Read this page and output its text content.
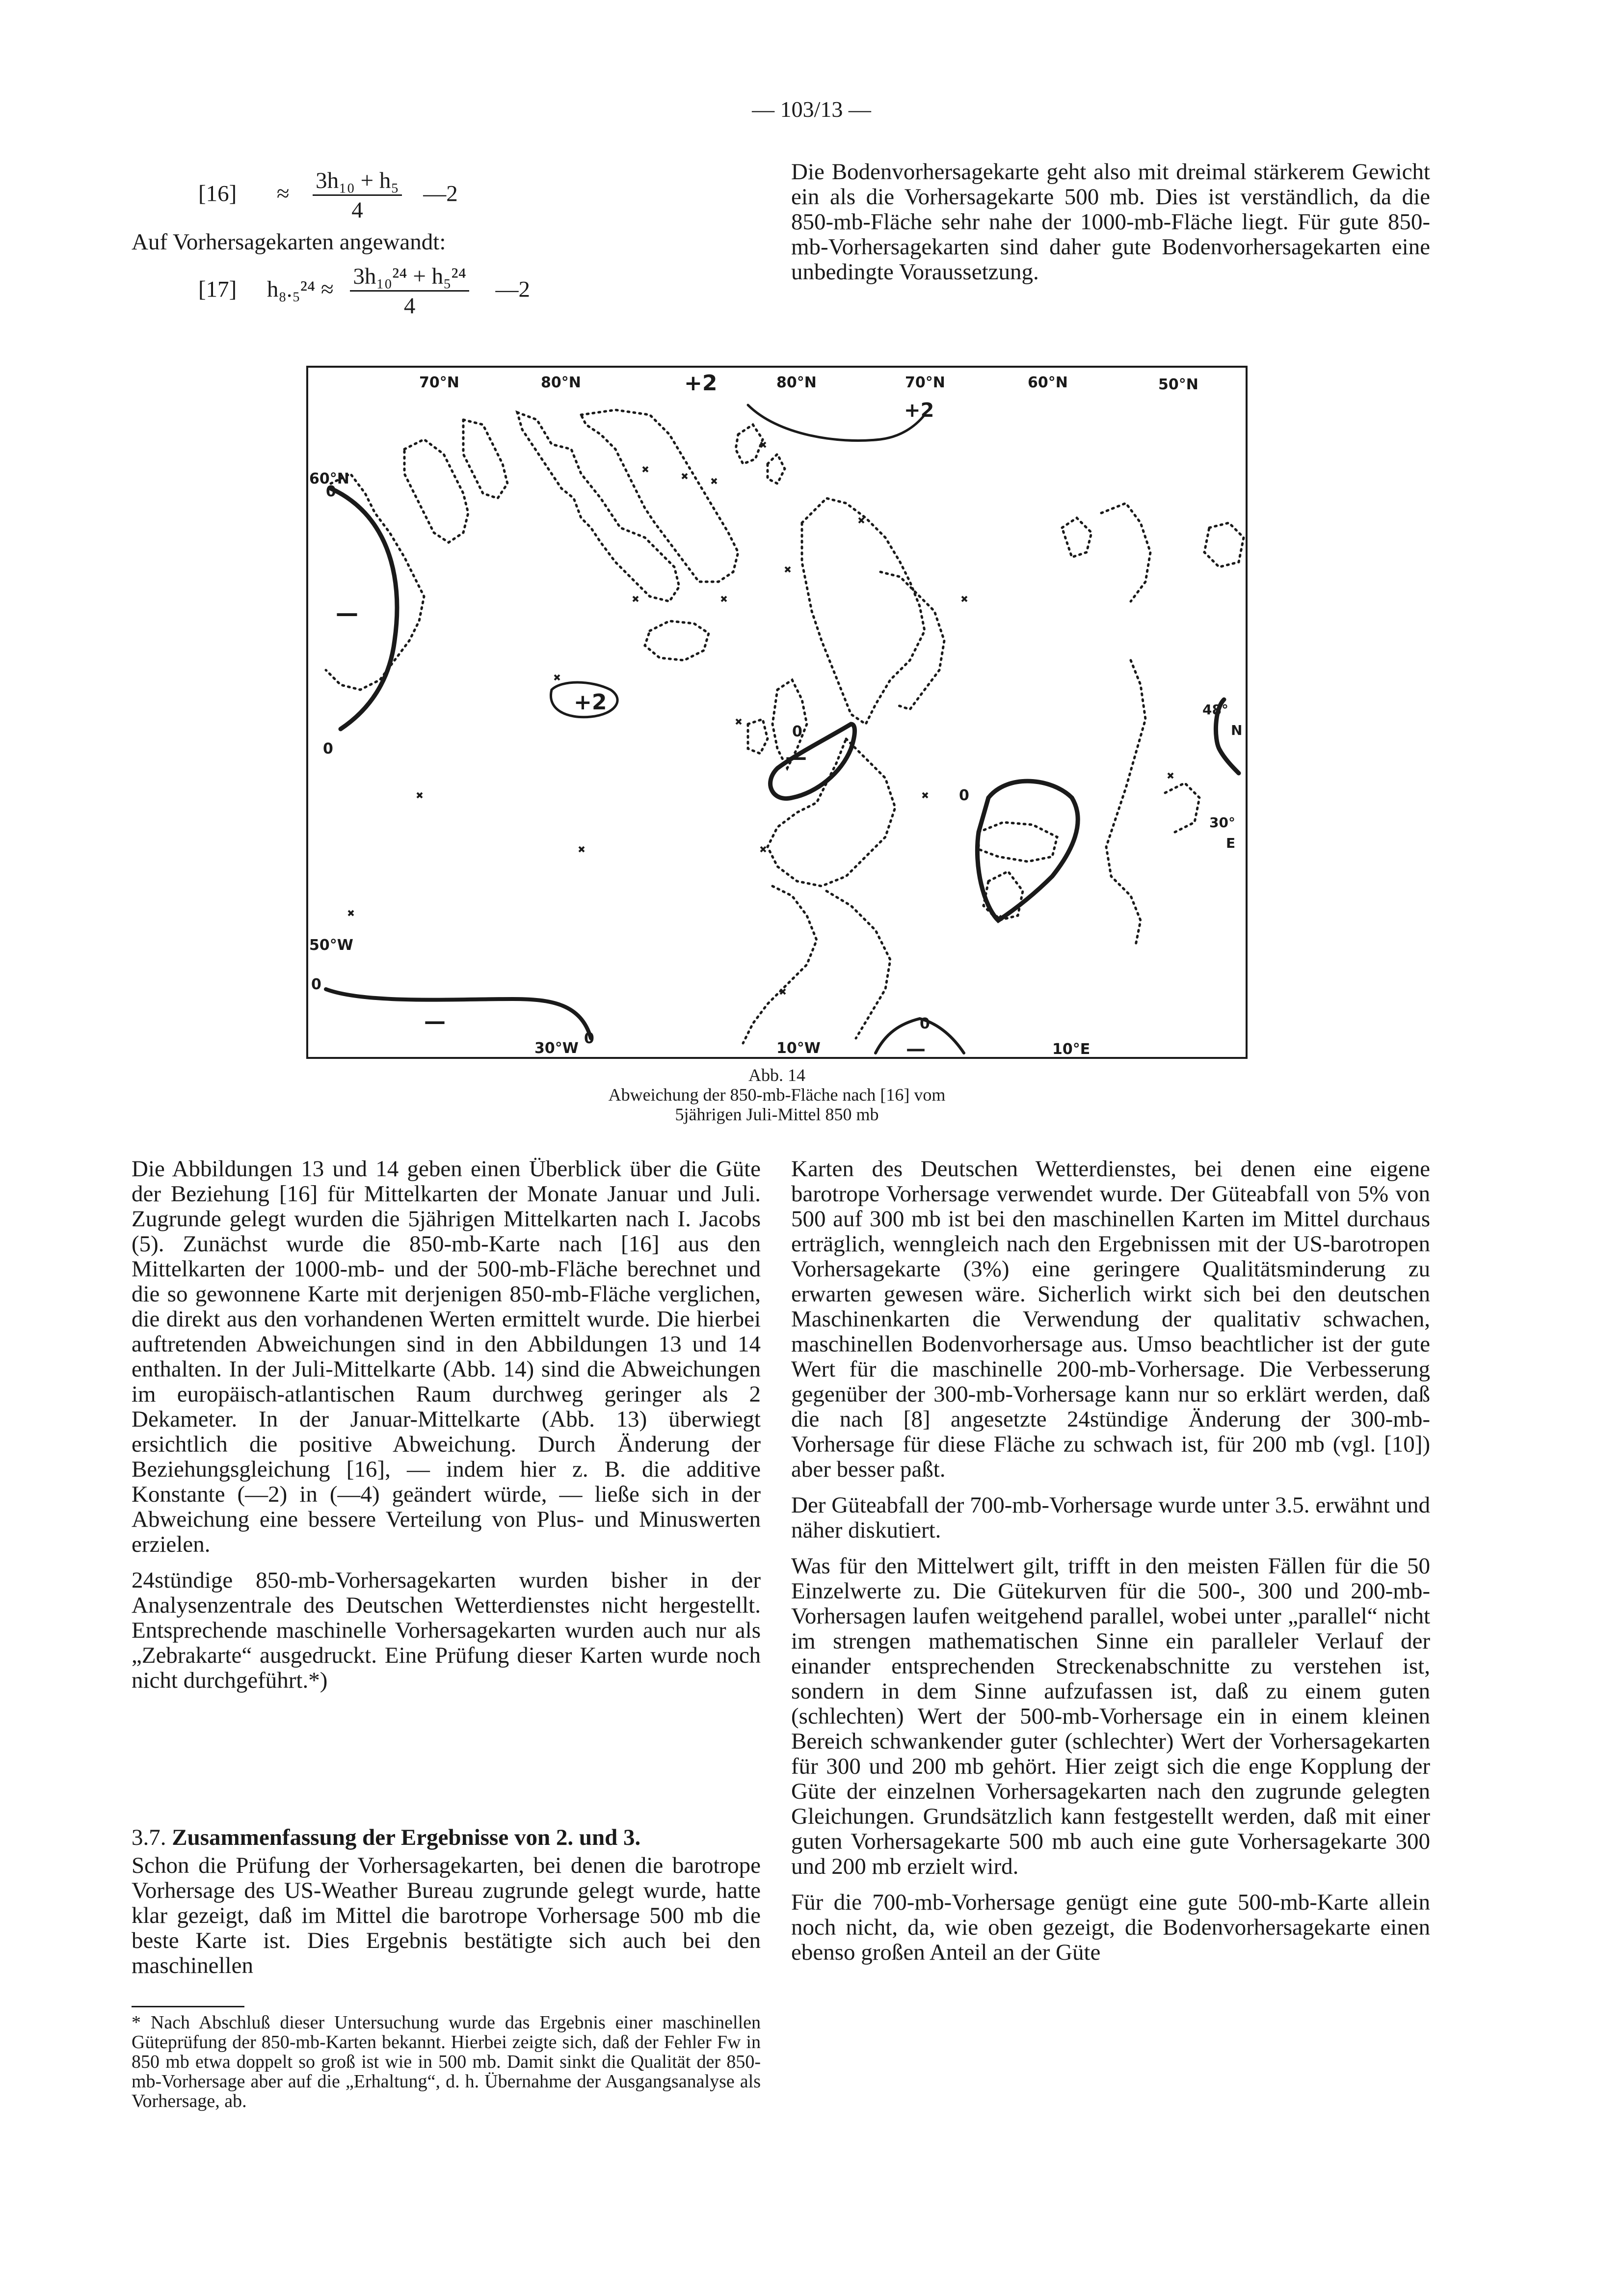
— 103/13 —
$[16] \approx \frac{\text{3h₁₀ + h₅}}{4}$ —2
Auf Vorhersagekarten angewandt:
[17] $h_8._5^{24} \approx \frac{\text{3h₁₀²⁴ + h₅²⁴}}{4}$ —2
Die Bodenvorhersagekarte geht also mit dreimal stärkerem Gewicht ein als die Vorhersagekarte 500 mb. Dies ist verständlich, da die 850-mb-Fläche sehr nahe der 1000-mb-Fläche liegt. Für gute 850-mb-Vorhersagekarten sind daher gute Bodenvorhersagekarten eine unbedingte Voraussetzung.
70°N	80°N	+2	80°N	70°N	60°N	50°N
60°N
0
0
—
+2
0
—
0
48°
N
30°
E
50°W
0
—
30°W
0
10°W
0
—	10°E
+2
Abb. 14
Abweichung der 850-mb-Fläche nach [16] vom
5jährigen Juli-Mittel 850 mb

Die Abbildungen 13 und 14 geben einen Überblick über die Güte der Beziehung [16] für Mittelkarten der Monate Januar und Juli. Zugrunde gelegt wurden die 5jährigen Mittelkarten nach I. Jacobs (5). Zunächst wurde die 850-mb-Karte nach [16] aus den Mittelkarten der 1000-mb- und der 500-mb-Fläche berechnet und die so gewonnene Karte mit derjenigen 850-mb-Fläche verglichen, die direkt aus den vorhandenen Werten ermittelt wurde. Die hierbei auftretenden Abweichungen sind in den Abbildungen 13 und 14 enthalten. In der Juli-Mittelkarte (Abb. 14) sind die Abweichungen im europäisch-atlantischen Raum durchweg geringer als 2 Dekameter. In der Januar-Mittelkarte (Abb. 13) überwiegt ersichtlich die positive Abweichung. Durch Änderung der Beziehungsgleichung [16], — indem hier z. B. die additive Konstante (—2) in (—4) geändert würde, — ließe sich in der Abweichung eine bessere Verteilung von Plus- und Minuswerten erzielen.

24stündige 850-mb-Vorhersagekarten wurden bisher in der Analysenzentrale des Deutschen Wetterdienstes nicht hergestellt. Entsprechende maschinelle Vorhersagekarten wurden auch nur als „Zebrakarte“ ausgedruckt. Eine Prüfung dieser Karten wurde noch nicht durchgeführt.*)

3.7. Zusammenfassung der Ergebnisse von 2. und 3.
Schon die Prüfung der Vorhersagekarten, bei denen die barotrope Vorhersage des US-Weather Bureau zugrunde gelegt wurde, hatte klar gezeigt, daß im Mittel die barotrope Vorhersage 500 mb die beste Karte ist. Dies Ergebnis bestätigte sich auch bei den maschinellen
* Nach Abschluß dieser Untersuchung wurde das Ergebnis einer maschinellen Güteprüfung der 850-mb-Karten bekannt. Hierbei zeigte sich, daß der Fehler Fw in 850 mb etwa doppelt so groß ist wie in 500 mb. Damit sinkt die Qualität der 850-mb-Vorhersage aber auf die „Erhaltung“, d. h. Übernahme der Ausgangsanalyse als Vorhersage, ab.

Karten des Deutschen Wetterdienstes, bei denen eine eigene barotrope Vorhersage verwendet wurde. Der Güteabfall von 5% von 500 auf 300 mb ist bei den maschinellen Karten im Mittel durchaus erträglich, wenngleich nach den Ergebnissen mit der US-barotropen Vorhersagekarte (3%) eine geringere Qualitätsminderung zu erwarten gewesen wäre. Sicherlich wirkt sich bei den deutschen Maschinenkarten die Verwendung der qualitativ schwachen, maschinellen Bodenvorhersage aus. Umso beachtlicher ist der gute Wert für die maschinelle 200-mb-Vorhersage. Die Verbesserung gegenüber der 300-mb-Vorhersage kann nur so erklärt werden, daß die nach [8] angesetzte 24stündige Änderung der 300-mb-Vorhersage für diese Fläche zu schwach ist, für 200 mb (vgl. [10]) aber besser paßt.

Der Güteabfall der 700-mb-Vorhersage wurde unter 3.5. erwähnt und näher diskutiert.

Was für den Mittelwert gilt, trifft in den meisten Fällen für die 50 Einzelwerte zu. Die Gütekurven für die 500-, 300 und 200-mb-Vorhersagen laufen weitgehend parallel, wobei unter „parallel“ nicht im strengen mathematischen Sinne ein paralleler Verlauf der einander entsprechenden Streckenabschnitte zu verstehen ist, sondern in dem Sinne aufzufassen ist, daß zu einem guten (schlechten) Wert der 500-mb-Vorhersage ein in einem kleinen Bereich schwankender guter (schlechter) Wert der Vorhersagekarten für 300 und 200 mb gehört. Hier zeigt sich die enge Kopplung der Güte der einzelnen Vorhersagekarten nach den zugrunde gelegten Gleichungen. Grundsätzlich kann festgestellt werden, daß mit einer guten Vorhersagekarte 500 mb auch eine gute Vorhersagekarte 300 und 200 mb erzielt wird.

Für die 700-mb-Vorhersage genügt eine gute 500-mb-Karte allein noch nicht, da, wie oben gezeigt, die Bodenvorhersagekarte einen ebenso großen Anteil an der Güte
